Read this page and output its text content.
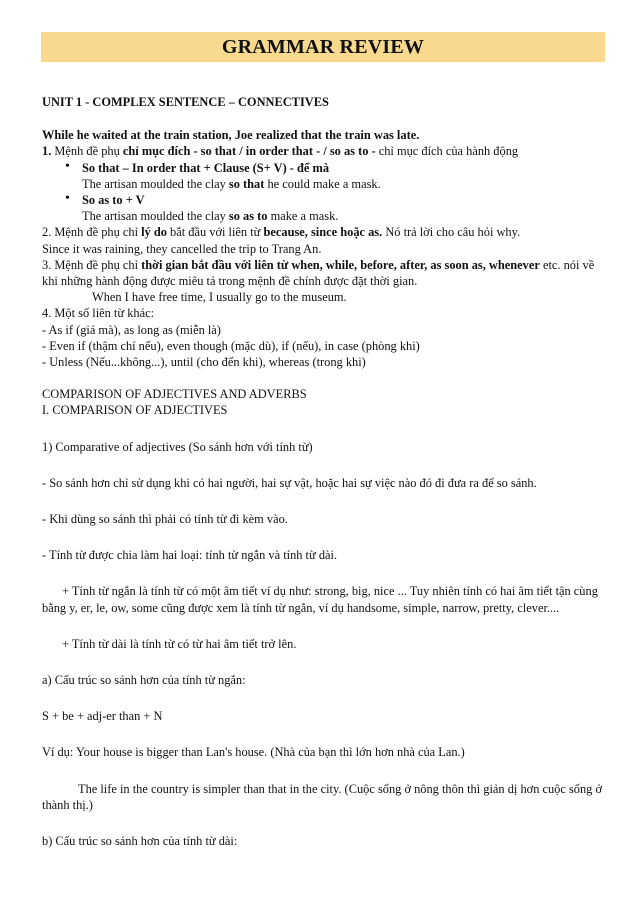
GRAMMAR REVIEW
UNIT 1 - COMPLEX SENTENCE – CONNECTIVES
While he waited at the train station, Joe realized that the train was late.
1. Mệnh đề phụ chỉ mục đích - so that / in order that - / so as to - chỉ mục đích của hành động
• So that – In order that + Clause (S+ V) - để mà
The artisan moulded the clay so that he could make a mask.
• So as to + V
The artisan moulded the clay so as to make a mask.
2. Mệnh đề phụ chỉ lý do bắt đầu với liên từ because, since hoặc as. Nó trả lời cho câu hỏi why.
Since it was raining, they cancelled the trip to Trang An.
3. Mệnh đề phụ chỉ thời gian bắt đầu với liên từ when, while, before, after, as soon as, whenever etc. nói về khi những hành động được miêu tả trong mệnh đề chính được đặt thời gian.
When I have free time, I usually go to the museum.
4. Một số liên từ khác:
- As if (giá mà), as long as (miễn là)
- Even if (thậm chí nếu), even though (mặc dù), if (nếu), in case (phòng khi)
- Unless (Nếu...không...), until (cho đến khi), whereas (trong khi)
COMPARISON OF ADJECTIVES AND ADVERBS
I. COMPARISON OF ADJECTIVES
1) Comparative of adjectives (So sánh hơn với tính từ)
- So sánh hơn chỉ sử dụng khi có hai người, hai sự vật, hoặc hai sự việc nào đó đi đưa ra để so sánh.
- Khi dùng so sánh thì phải có tính từ đi kèm vào.
- Tính từ được chia làm hai loại: tính từ ngắn và tính từ dài.
+ Tính từ ngắn là tính từ có một âm tiết ví dụ như: strong, big, nice ... Tuy nhiên tính có hai âm tiết tận cùng bằng y, er, le, ow, some cũng được xem là tính từ ngắn, ví dụ handsome, simple, narrow, pretty, clever....
+ Tính từ dài là tính từ có từ hai âm tiết trở lên.
a) Cấu trúc so sánh hơn của tính từ ngắn:
S + be + adj-er than + N
Ví dụ: Your house is bigger than Lan's house. (Nhà của bạn thì lớn hơn nhà của Lan.)
The life in the country is simpler than that in the city. (Cuộc sống ở nông thôn thì giản dị hơn cuộc sống ở thành thị.)
b) Cấu trúc so sánh hơn của tính từ dài:
